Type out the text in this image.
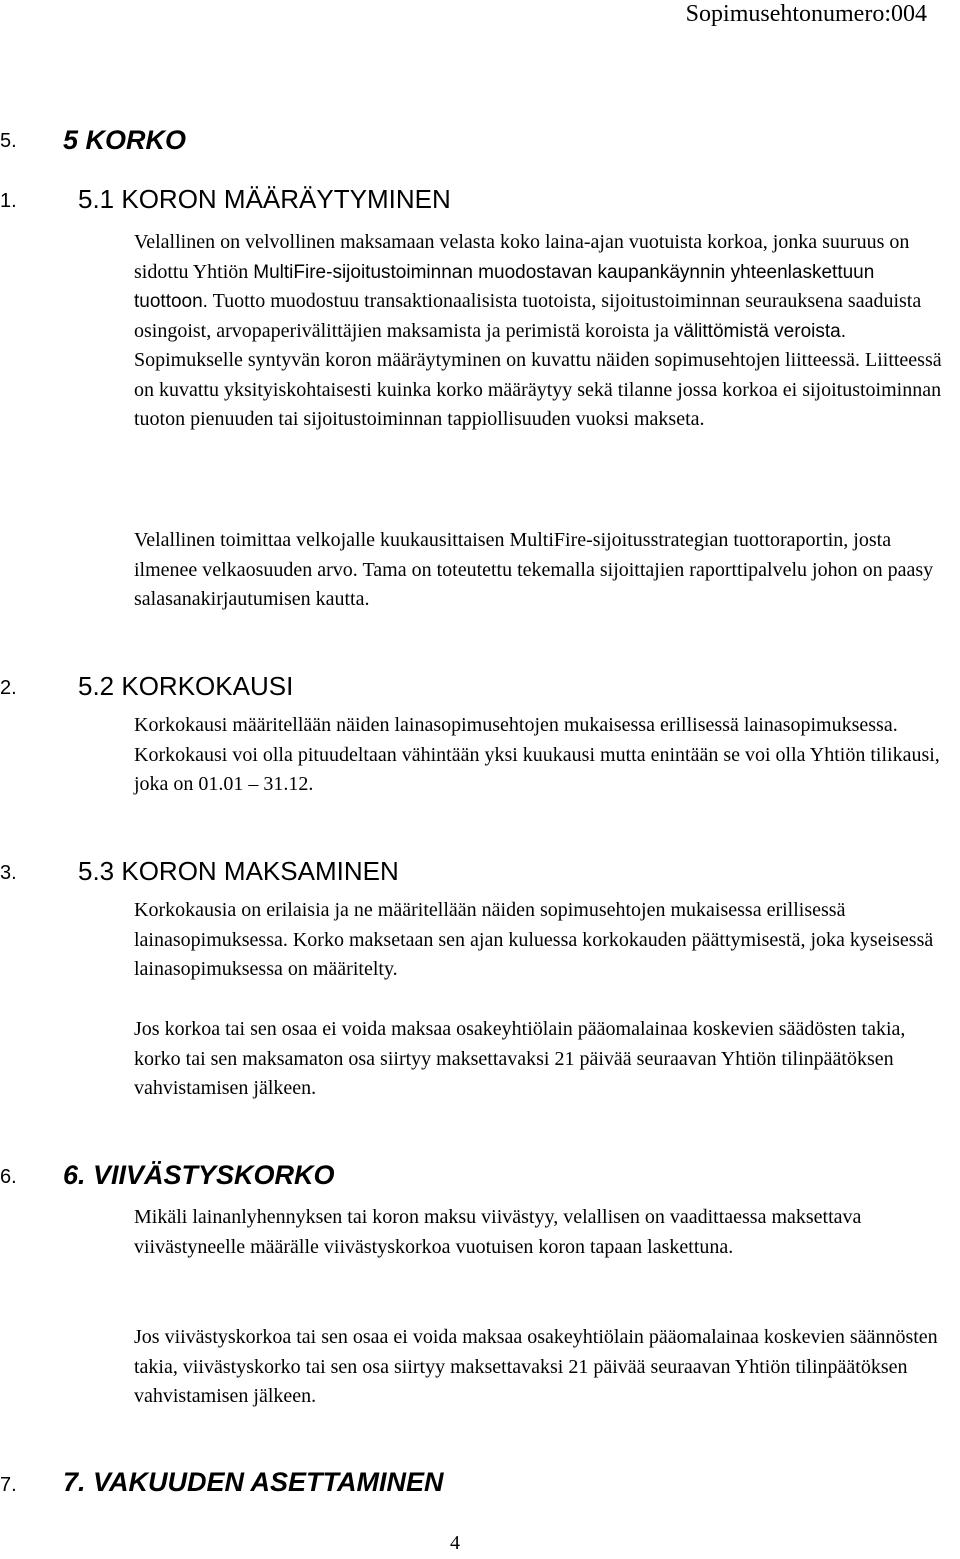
Sopimusehtonumero:004
5. 5 KORKO
1. 5.1 KORON MÄÄRÄYTYMINEN

Velallinen on velvollinen maksamaan velasta koko laina-ajan vuotuista korkoa, jonka suuruus on sidottu Yhtiön MultiFire-sijoitustoiminnan muodostavan kaupankäynnin yhteenlaskettuun tuottoon. Tuotto muodostuu transaktionaalisista tuotoista, sijoitustoiminnan seurauksena saaduista osingoist, arvopaperivälittäjien maksamista ja perimistä koroista ja välittömistä veroista. Sopimukselle syntyvän koron määräytyminen on kuvattu näiden sopimusehtojen liitteessä. Liitteessä on kuvattu yksityiskohtaisesti kuinka korko määräytyy sekä tilanne jossa korkoa ei sijoitustoiminnan tuoton pienuuden tai sijoitustoiminnan tappiollisuuden vuoksi makseta.

Velallinen toimittaa velkojalle kuukausittaisen MultiFire-sijoitusstrategian tuottoraportin, josta ilmenee velkaosuuden arvo. Tama on toteutettu tekemalla sijoittajien raporttipalvelu johon on paasy salasanakirjautumisen kautta.

2. 5.2 KORKOKAUSI

Korkokausi määritellään näiden lainasopimusehtojen mukaisessa erillisessä lainasopimuksessa. Korkokausi voi olla pituudeltaan vähintään yksi kuukausi mutta enintään se voi olla Yhtiön tilikausi, joka on 01.01 – 31.12.

3. 5.3 KORON MAKSAMINEN

Korkokausia on erilaisia ja ne määritellään näiden sopimusehtojen mukaisessa erillisessä lainasopimuksessa. Korko maksetaan sen ajan kuluessa korkokauden päättymisestä, joka kyseisessä lainasopimuksessa on määritelty.

Jos korkoa tai sen osaa ei voida maksaa osakeyhtiölain pääomalainaa koskevien säädösten takia, korko tai sen maksamaton osa siirtyy maksettavaksi 21 päivää seuraavan Yhtiön tilinpäätöksen vahvistamisen jälkeen.

6. 6. VIIVÄSTYSKORKO

Mikäli lainanlyhennyksen tai koron maksu viivästyy, velallisen on vaadittaessa maksettava viivästyneelle määrälle viivästyskorkoa vuotuisen koron tapaan laskettuna.

Jos viivästyskorkoa tai sen osaa ei voida maksaa osakeyhtiölain pääomalainaa koskevien säännösten takia, viivästyskorko tai sen osa siirtyy maksettavaksi 21 päivää seuraavan Yhtiön tilinpäätöksen vahvistamisen jälkeen.

7. 7. VAKUUDEN ASETTAMINEN
4
